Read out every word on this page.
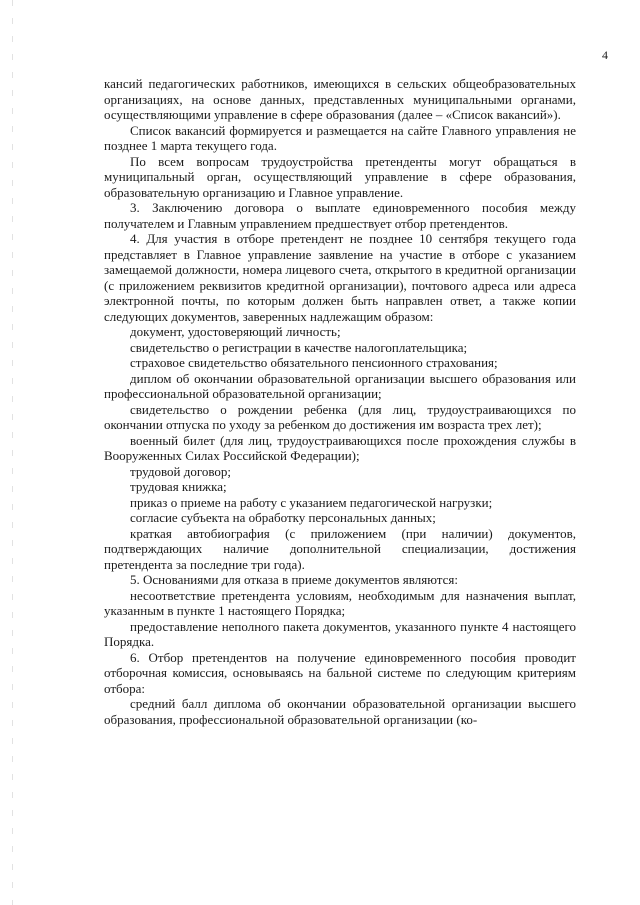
4

кансий педагогических работников, имеющихся в сельских общеобразовательных организациях, на основе данных, представленных муниципальными органами, осуществляющими управление в сфере образования (далее – «Список вакансий»).

Список вакансий формируется и размещается на сайте Главного управления не позднее 1 марта текущего года.

По всем вопросам трудоустройства претенденты могут обращаться в муниципальный орган, осуществляющий управление в сфере образования, образовательную организацию и Главное управление.

3. Заключению договора о выплате единовременного пособия между получателем и Главным управлением предшествует отбор претендентов.

4. Для участия в отборе претендент не позднее 10 сентября текущего года представляет в Главное управление заявление на участие в отборе с указанием замещаемой должности, номера лицевого счета, открытого в кредитной организации (с приложением реквизитов кредитной организации), почтового адреса или адреса электронной почты, по которым должен быть направлен ответ, а также копии следующих документов, заверенных надлежащим образом:

документ, удостоверяющий личность;

свидетельство о регистрации в качестве налогоплательщика;

страховое свидетельство обязательного пенсионного страхования;

диплом об окончании образовательной организации высшего образования или профессиональной образовательной организации;

свидетельство о рождении ребенка (для лиц, трудоустраивающихся по окончании отпуска по уходу за ребенком до достижения им возраста трех лет);

военный билет (для лиц, трудоустраивающихся после прохождения службы в Вооруженных Силах Российской Федерации);

трудовой договор;

трудовая книжка;

приказ о приеме на работу с указанием педагогической нагрузки;

согласие субъекта на обработку персональных данных;

краткая автобиография (с приложением (при наличии) документов, подтверждающих наличие дополнительной специализации, достижения претендента за последние три года).

5. Основаниями для отказа в приеме документов являются:

несоответствие претендента условиям, необходимым для назначения выплат, указанным в пункте 1 настоящего Порядка;

предоставление неполного пакета документов, указанного пункте 4 настоящего Порядка.

6. Отбор претендентов на получение единовременного пособия проводит отборочная комиссия, основываясь на бальной системе по следующим критериям отбора:

средний балл диплома об окончании образовательной организации высшего образования, профессиональной образовательной организации (ко-
